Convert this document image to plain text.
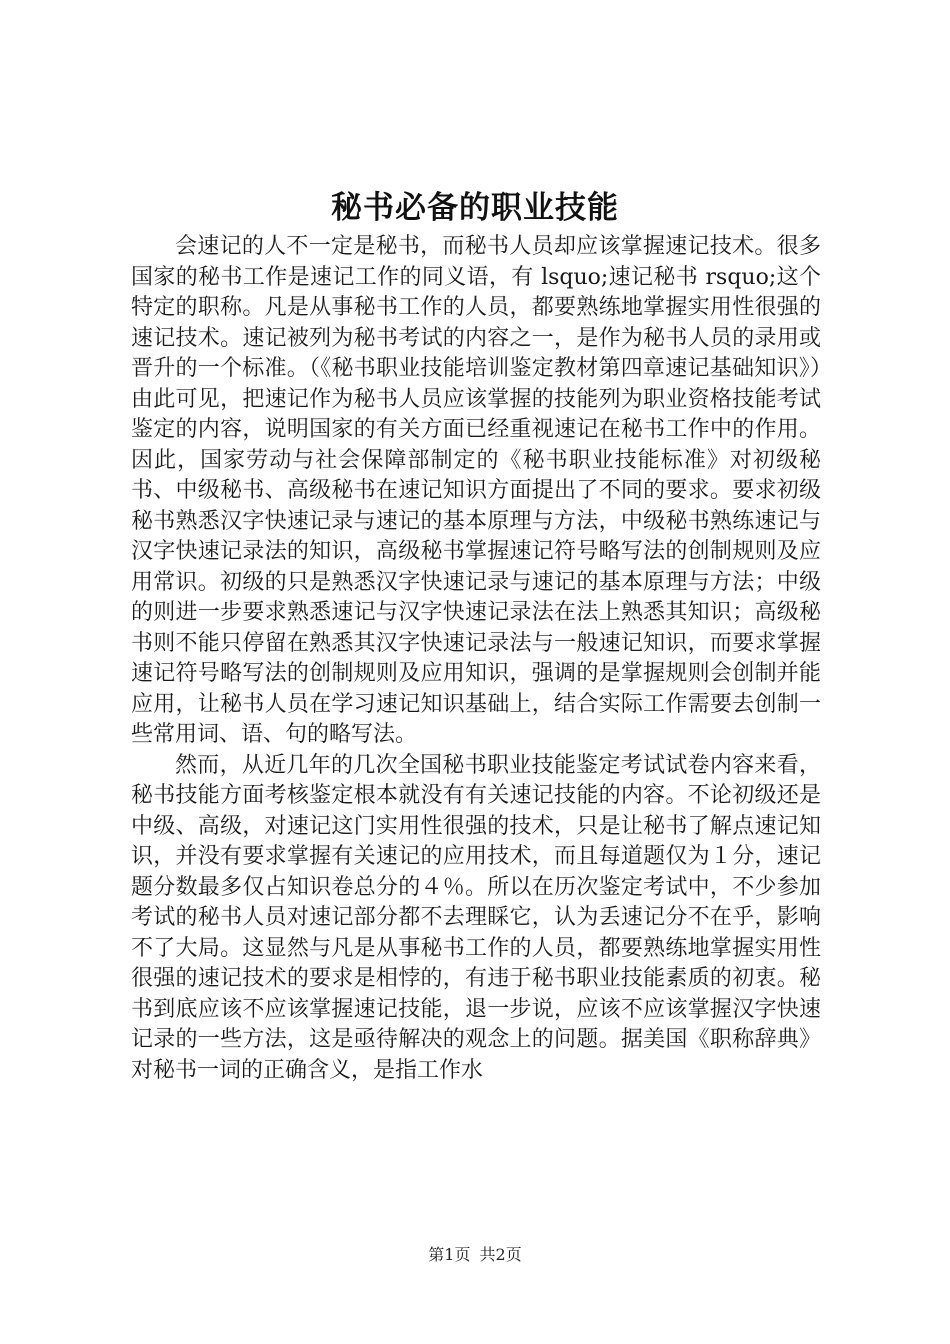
秘书必备的职业技能

会速记的人不一定是秘书，而秘书人员却应该掌握速记技术。很多国家的秘书工作是速记工作的同义语，有 lsquo;速记秘书 rsquo;这个特定的职称。凡是从事秘书工作的人员，都要熟练地掌握实用性很强的速记技术。速记被列为秘书考试的内容之一，是作为秘书人员的录用或晋升的一个标准。（《秘书职业技能培训鉴定教材第四章速记基础知识》）由此可见，把速记作为秘书人员应该掌握的技能列为职业资格技能考试鉴定的内容，说明国家的有关方面已经重视速记在秘书工作中的作用。因此，国家劳动与社会保障部制定的《秘书职业技能标准》对初级秘书、中级秘书、高级秘书在速记知识方面提出了不同的要求。要求初级秘书熟悉汉字快速记录与速记的基本原理与方法，中级秘书熟练速记与汉字快速记录法的知识，高级秘书掌握速记符号略写法的创制规则及应用常识。初级的只是熟悉汉字快速记录与速记的基本原理与方法；中级的则进一步要求熟悉速记与汉字快速记录法在法上熟悉其知识；高级秘书则不能只停留在熟悉其汉字快速记录法与一般速记知识，而要求掌握速记符号略写法的创制规则及应用知识，强调的是掌握规则会创制并能应用，让秘书人员在学习速记知识基础上，结合实际工作需要去创制一些常用词、语、句的略写法。

然而，从近几年的几次全国秘书职业技能鉴定考试试卷内容来看，秘书技能方面考核鉴定根本就没有有关速记技能的内容。不论初级还是中级、高级，对速记这门实用性很强的技术，只是让秘书了解点速记知识，并没有要求掌握有关速记的应用技术，而且每道题仅为１分，速记题分数最多仅占知识卷总分的４％。所以在历次鉴定考试中，不少参加考试的秘书人员对速记部分都不去理睬它，认为丢速记分不在乎，影响不了大局。这显然与凡是从事秘书工作的人员，都要熟练地掌握实用性很强的速记技术的要求是相悖的，有违于秘书职业技能素质的初衷。秘书到底应该不应该掌握速记技能，退一步说，应该不应该掌握汉字快速记录的一些方法，这是亟待解决的观念上的问题。据美国《职称辞典》对秘书一词的正确含义，是指工作水

第1页 共2页
